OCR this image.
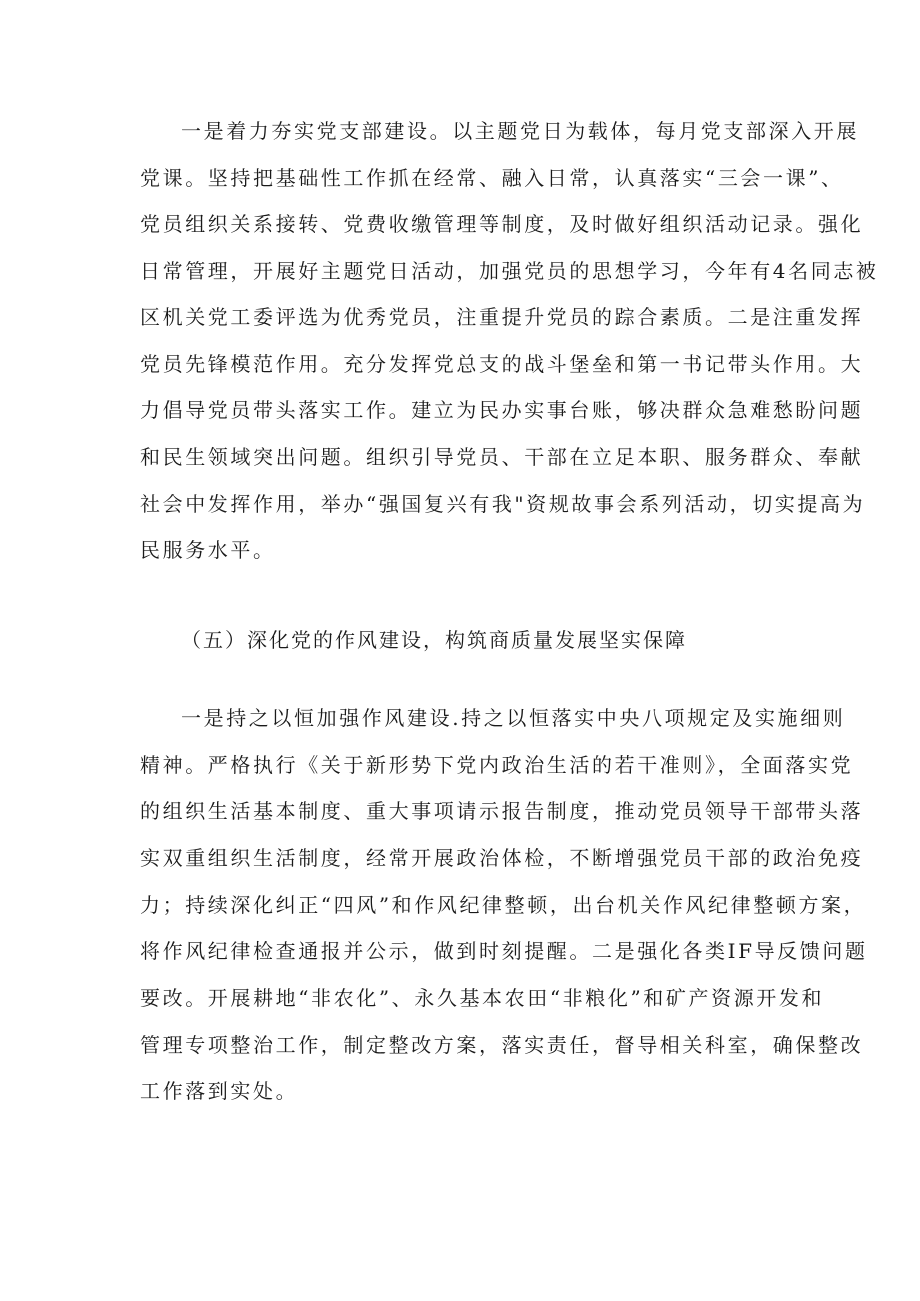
一是着力夯实党支部建设。以主题党日为载体，每月党支部深入开展
党课。坚持把基础性工作抓在经常、融入日常，认真落实“三会一课”、
党员组织关系接转、党费收缴管理等制度，及时做好组织活动记录。强化
日常管理，开展好主题党日活动，加强党员的思想学习，今年有4名同志被
区机关党工委评选为优秀党员，注重提升党员的踪合素质。二是注重发挥
党员先锋模范作用。充分发挥党总支的战斗堡垒和第一书记带头作用。大
力倡导党员带头落实工作。建立为民办实事台账，够决群众急难愁盼问题
和民生领域突出问题。组织引导党员、干部在立足本职、服务群众、奉献
社会中发挥作用，举办“强国复兴有我"资规故事会系列活动，切实提高为
民服务水平。
（五）深化党的作风建设，构筑商质量发展坚实保障
一是持之以恒加强作风建设.持之以恒落实中央八项规定及实施细则
精神。严格执行《关于新形势下党内政治生活的若干准则》，全面落实党
的组织生活基本制度、重大事项请示报告制度，推动党员领导干部带头落
实双重组织生活制度，经常开展政治体检，不断增强党员干部的政治免疫
力；持续深化纠正“四风”和作风纪律整顿，出台机关作风纪律整顿方案，
将作风纪律检查通报并公示，做到时刻提醒。二是强化各类IF导反馈问题
要改。开展耕地“非农化”、永久基本农田“非粮化”和矿产资源开发和
管理专项整治工作，制定整改方案，落实责任，督导相关科室，确保整改
工作落到实处。
